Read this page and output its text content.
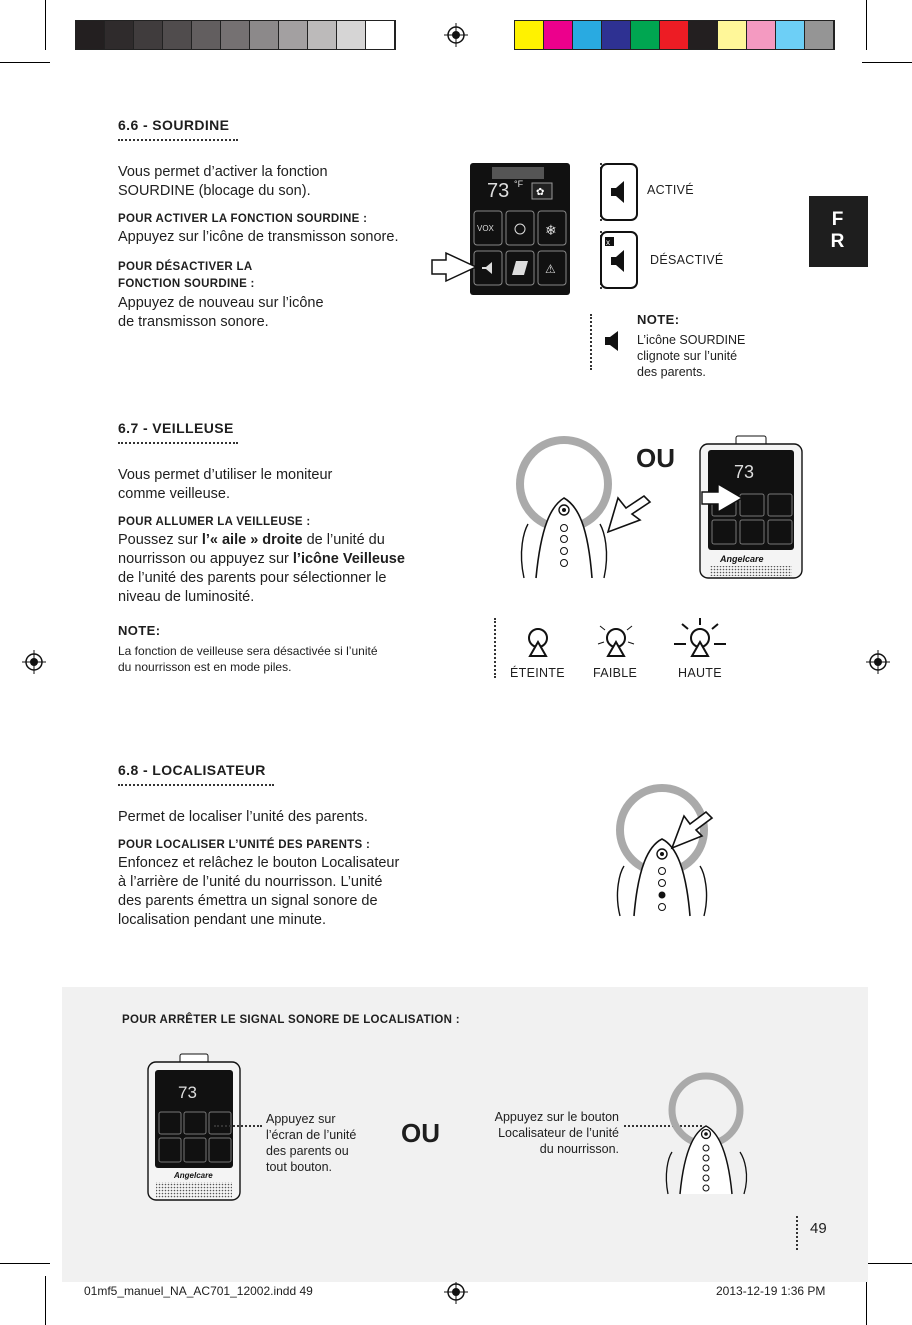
F
R
6.6 - SOURDINE
Vous permet d’activer la fonction
SOURDINE (blocage du son).
POUR ACTIVER LA FONCTION SOURDINE :
Appuyez sur l’icône de transmisson sonore.
POUR DÉSACTIVER LA
FONCTION SOURDINE :
Appuyez de nouveau sur l’icône
de transmisson sonore.
73 °F
✿
VOX	❄
⚠
ACTIVÉ
x
DÉSACTIVÉ
NOTE:
L’icône SOURDINE
clignote sur l’unité
des parents.
6.7 - VEILLEUSE
Vous permet d’utiliser le moniteur
comme veilleuse.
POUR ALLUMER LA VEILLEUSE :
Poussez sur l’« aile » droite de l’unité du
nourrisson ou appuyez sur l’icône Veilleuse
de l’unité des parents pour sélectionner le
niveau de luminosité.
OU	73
Angelcare
NOTE:
La fonction de veilleuse sera désactivée si l’unité
du nourrisson est en mode piles.	ÉTEINTE FAIBLE	HAUTE
6.8 - LOCALISATEUR
Permet de localiser l’unité des parents.
POUR LOCALISER L’UNITÉ DES PARENTS :
Enfoncez et relâchez le bouton Localisateur
à l’arrière de l’unité du nourrisson. L’unité
des parents émettra un signal sonore de
localisation pendant une minute.
POUR ARRÊTER LE SIGNAL SONORE DE LOCALISATION :
73
Angelcare
Appuyez sur
l’écran de l’unité
des parents ou
tout bouton.
OU
Appuyez sur le bouton
Localisateur de l’unité
du nourrisson.
49
01mf5_manuel_NA_AC701_12002.indd 49	2013-12-19 1:36 PM
